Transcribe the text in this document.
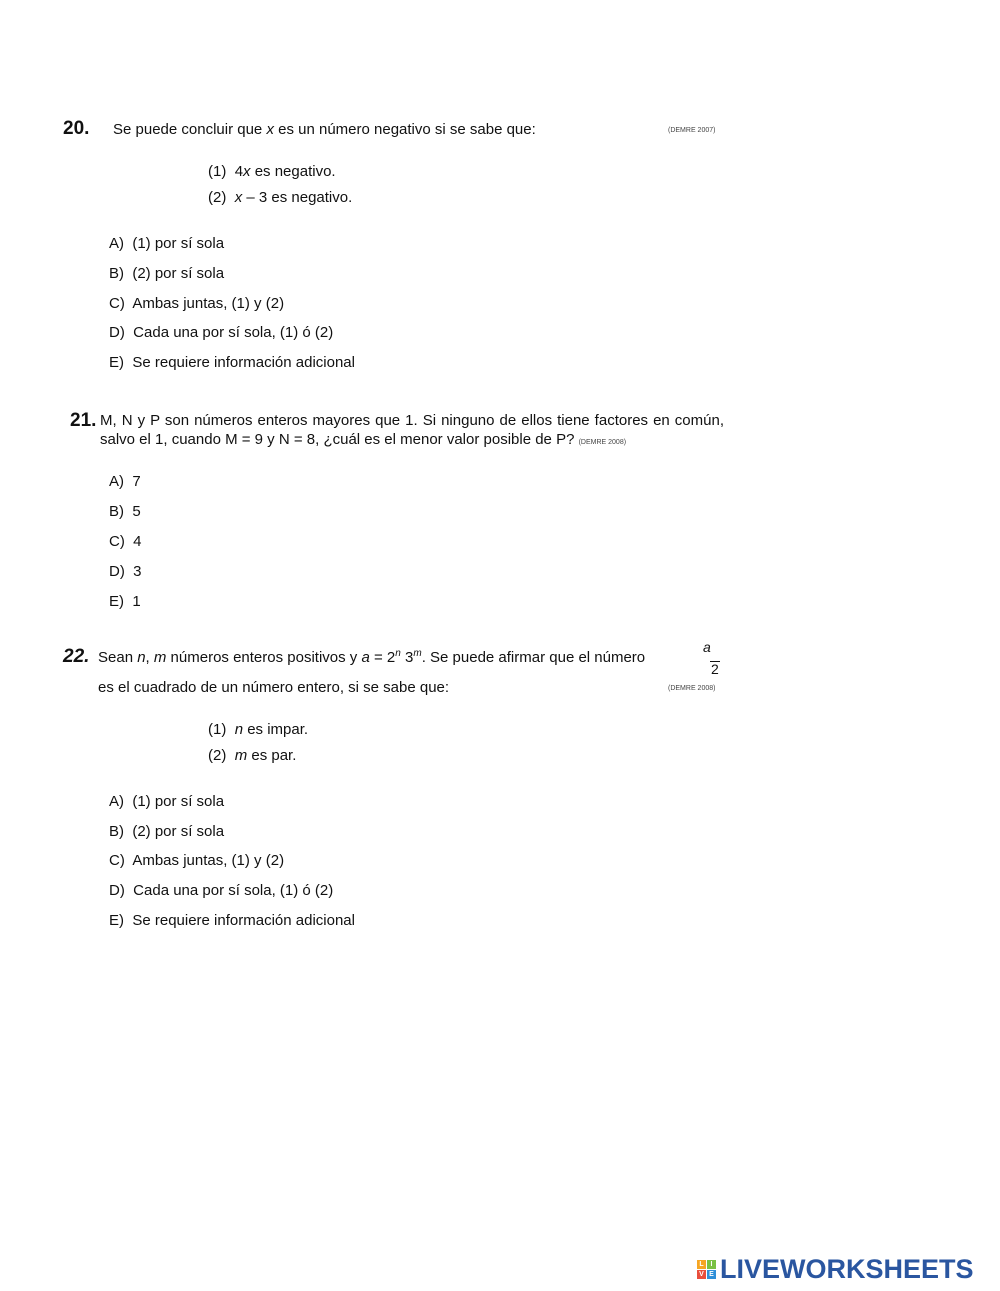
20. Se puede concluir que x es un número negativo si se sabe que:	(DEMRE 2007)
(1) 4x es negativo.
(2) x – 3 es negativo.
A) (1) por sí sola
B) (2) por sí sola
C) Ambas juntas, (1) y (2)
D) Cada una por sí sola, (1) ó (2)
E) Se requiere información adicional
21. M, N y P son números enteros mayores que 1. Si ninguno de ellos tiene factores en común, salvo el 1, cuando M = 9 y N = 8, ¿cuál es el menor valor posible de P? (DEMRE 2008)
A) 7
B) 5
C) 4
D) 3
E) 1
22. Sean n, m números enteros positivos y $a = 2^n$ 3$^m$. Se puede afirmar que el número
a
2
es el cuadrado de un número entero, si se sabe que:	(DEMRE 2008)
(1) n es impar.
(2) m es par.
A) (1) por sí sola
B) (2) por sí sola
C) Ambas juntas, (1) y (2)
D) Cada una por sí sola, (1) ó (2)
E) Se requiere información adicional
L I
V E LIVEWORKSHEETS
